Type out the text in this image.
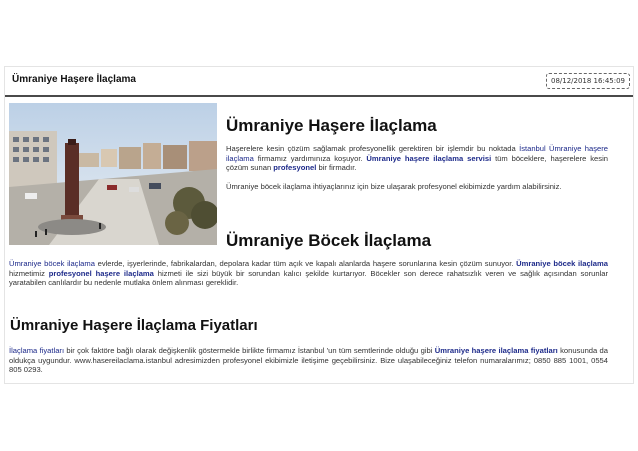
Ümraniye Haşere İlaçlama	08/12/2018 16:45:09
Ümraniye Haşere İlaçlama

Haşerelere kesin çözüm sağlamak profesyonellik gerektiren bir işlemdir bu noktada İstanbul Ümraniye haşere ilaçlama firmamız yardımınıza koşuyor. Ümraniye haşere ilaçlama servisi tüm böceklere, haşerelere kesin çözüm sunan profesyonel bir firmadır.

Ümraniye böcek ilaçlama ihtiyaçlarınız için bize ulaşarak profesyonel ekibimizde yardım alabilirsiniz.

Ümraniye Böcek İlaçlama

Ümraniye böcek ilaçlama evlerde, işyerlerinde, fabrikalardan, depolara kadar tüm açık ve kapalı alanlarda haşere sorunlarına kesin çözüm sunuyor. Ümraniye böcek ilaçlama hizmetimiz profesyonel haşere ilaçlama hizmeti ile sizi büyük bir sorundan kalıcı şekilde kurtarıyor. Böcekler son derece rahatsızlık veren ve sağlık açısından sorunlar yaratabilen canlılardır bu nedenle mutlaka önlem alınması gereklidir.

Ümraniye Haşere İlaçlama Fiyatları

İlaçlama fiyatları bir çok faktöre bağlı olarak değişkenlik göstermekle birlikte firmamız İstanbul 'un tüm semtlerinde olduğu gibi Ümraniye haşere ilaçlama fiyatları konusunda da oldukça uygundur. www.hasereilaclama.istanbul adresimizden profesyonel ekibimizle iletişime geçebilirsiniz. Bize ulaşabileceğiniz telefon numaralarımız; 0850 885 1001, 0554 805 0293.
